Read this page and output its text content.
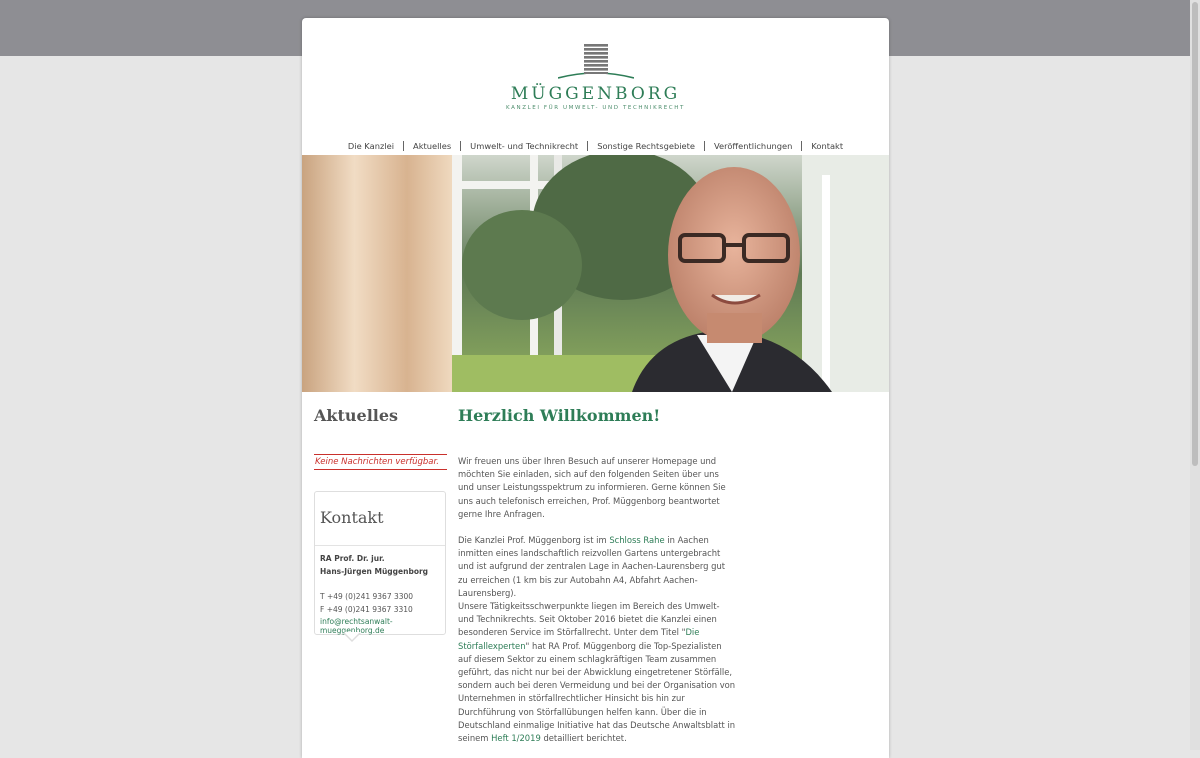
MÜGGENBORG
KANZLEI FÜR UMWELT- UND TECHNIKRECHT
Die Kanzlei	Aktuelles	Umwelt- und Technikrecht	Sonstige Rechtsgebiete	Veröffentlichungen	Kontakt
Aktuelles
Keine Nachrichten verfügbar.
Kontakt
RA Prof. Dr. jur.
Hans-Jürgen Müggenborg
T +49 (0)241 9367 3300
F +49 (0)241 9367 3310
info@rechtsanwalt-mueggenborg.de
Herzlich Willkommen!

Wir freuen uns über Ihren Besuch auf unserer Homepage und möchten Sie einladen, sich auf den folgenden Seiten über uns und unser Leistungsspektrum zu informieren. Gerne können Sie uns auch telefonisch erreichen, Prof. Müggenborg beantwortet gerne Ihre Anfragen.

Die Kanzlei Prof. Müggenborg ist im Schloss Rahe in Aachen inmitten eines landschaftlich reizvollen Gartens untergebracht und ist aufgrund der zentralen Lage in Aachen-Laurensberg gut zu erreichen (1 km bis zur Autobahn A4, Abfahrt Aachen-Laurensberg).

Unsere Tätigkeitsschwerpunkte liegen im Bereich des Umwelt- und Technikrechts. Seit Oktober 2016 bietet die Kanzlei einen besonderen Service im Störfallrecht. Unter dem Titel "Die Störfallexperten" hat RA Prof. Müggenborg die Top-Spezialisten auf diesem Sektor zu einem schlagkräftigen Team zusammen geführt, das nicht nur bei der Abwicklung eingetretener Störfälle, sondern auch bei deren Vermeidung und bei der Organisation von Unternehmen in störfallrechtlicher Hinsicht bis hin zur Durchführung von Störfallübungen helfen kann. Über die in Deutschland einmalige Initiative hat das Deutsche Anwaltsblatt in seinem Heft 1/2019 detailliert berichtet.
